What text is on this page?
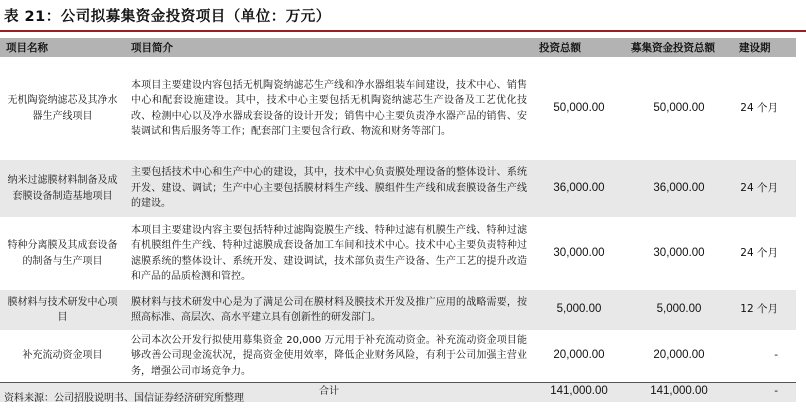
表 21：公司拟募集资金投资项目（单位：万元）
项目名称	项目简介	投资总额	募集资金投资总额	建设期
无机陶瓷纳滤芯及其净水器生产线项目	本项目主要建设内容包括无机陶瓷纳滤芯生产线和净水器组装车间建设，技术中心、销售中心和配套设施建设。其中，技术中心主要包括无机陶瓷纳滤芯生产设备及工艺优化技改、检测中心以及净水器成套设备的设计开发；销售中心主要负责净水器产品的销售、安装调试和售后服务等工作；配套部门主要包含行政、物流和财务等部门。	50,000.00	50,000.00	24 个月
纳米过滤膜材料制备及成套膜设备制造基地项目	主要包括技术中心和生产中心的建设，其中，技术中心负责膜处理设备的整体设计、系统开发、建设、调试；生产中心主要包括膜材料生产线、膜组件生产线和成套膜设备生产线的建设。	36,000.00	36,000.00	24 个月
特种分离膜及其成套设备的制备与生产项目	本项目主要建设内容主要包括特种过滤陶瓷膜生产线、特种过滤有机膜生产线、特种过滤有机膜组件生产线、特种过滤膜成套设备加工车间和技术中心。技术中心主要负责特种过滤膜系统的整体设计、系统开发、建设调试，技术部负责生产设备、生产工艺的提升改造和产品的品质检测和管控。	30,000.00	30,000.00	24 个月
膜材料与技术研发中心项目	膜材料与技术研发中心是为了满足公司在膜材料及膜技术开发及推广应用的战略需要，按照高标准、高层次、高水平建立具有创新性的研发部门。	5,000.00	5,000.00	12 个月
补充流动资金项目	公司本次公开发行拟使用募集资金 20,000 万元用于补充流动资金。补充流动资金项目能够改善公司现金流状况，提高资金使用效率，降低企业财务风险，有利于公司加强主营业务，增强公司市场竞争力。	20,000.00	20,000.00	-
	合计	141,000.00	141,000.00	-
资料来源：公司招股说明书、国信证券经济研究所整理
